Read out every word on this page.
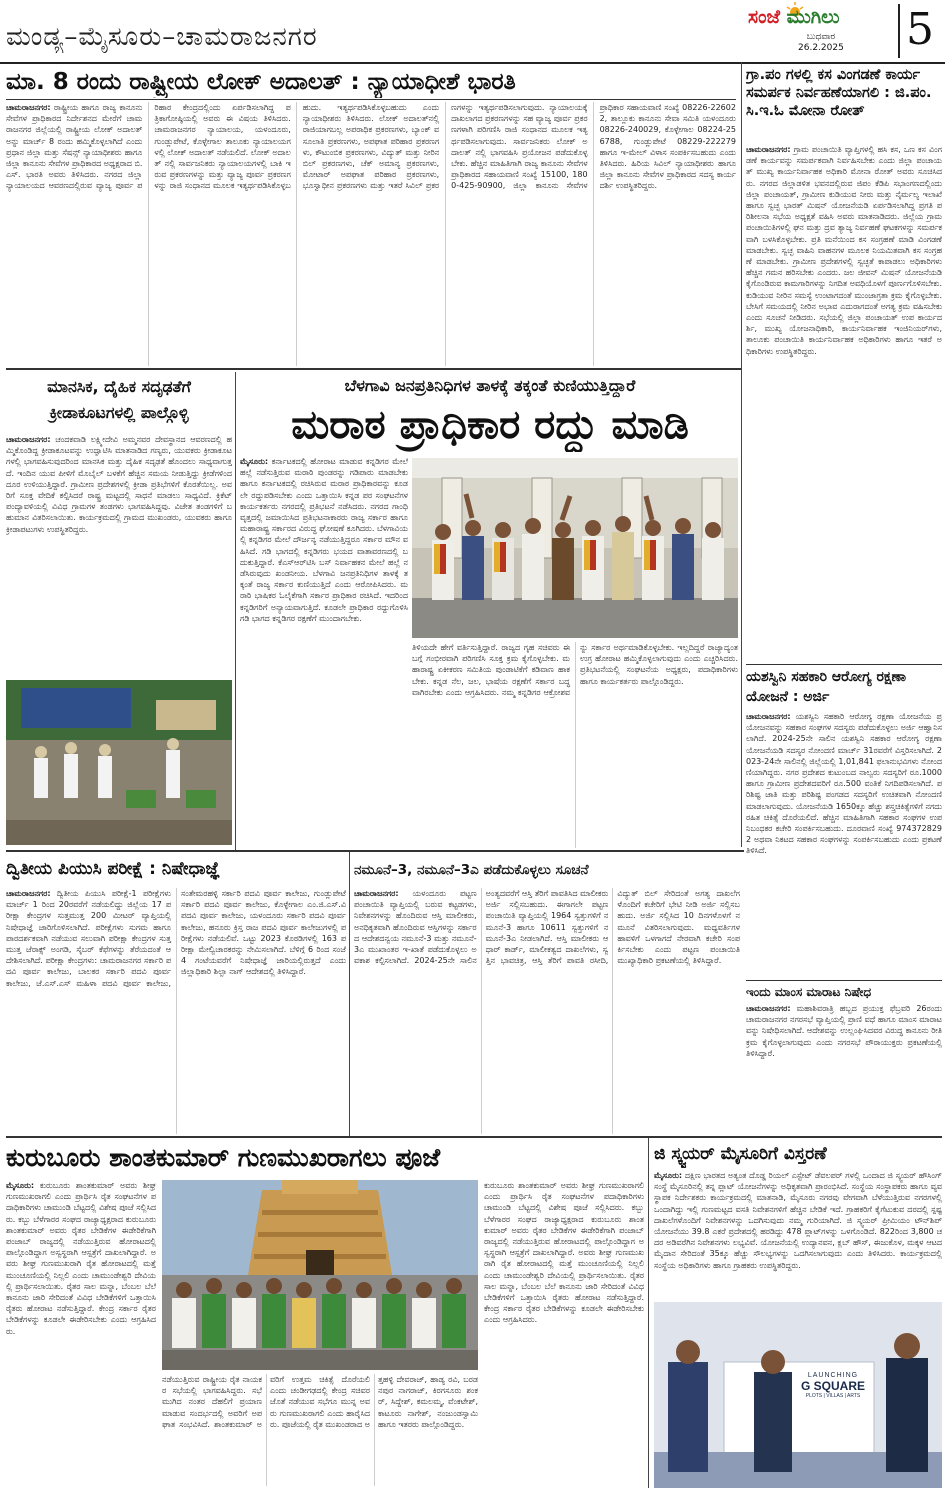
ಮಂಡ್ಯ–ಮೈಸೂರು–ಚಾಮರಾಜನಗರ
ಸಂಜೆ ಮುಗಿಲು
ಬುಧವಾರ
26.2.2025 5
ಮಾ. 8 ರಂದು ರಾಷ್ಟ್ರೀಯ ಲೋಕ್ ಅದಾಲತ್ : ನ್ಯಾಯಾಧೀಶೆ ಭಾರತಿ
ಚಾಮರಾಜನಗರ: ರಾಷ್ಟ್ರೀಯ ಹಾಗೂ ರಾಜ್ಯ ಕಾನೂನು ಸೇವೆಗಳ ಪ್ರಾಧಿಕಾರದ ನಿರ್ದೇಶನದ ಮೇರೆಗೆ ಚಾಮರಾಜನಗರ ಜಿಲ್ಲೆಯಲ್ಲಿ ರಾಷ್ಟ್ರೀಯ ಲೋಕ್ ಅದಾಲತ್ ಅನ್ನು ಮಾರ್ಚ್ 8 ರಂದು ಹಮ್ಮಿಕೊಳ್ಳಲಾಗಿದೆ ಎಂದು ಪ್ರಧಾನ ಜಿಲ್ಲಾ ಮತ್ತು ಸೆಷನ್ಸ್ ನ್ಯಾಯಾಧೀಶರು ಹಾಗೂ ಜಿಲ್ಲಾ ಕಾನೂನು ಸೇವೆಗಳ ಪ್ರಾಧಿಕಾರದ ಅಧ್ಯಕ್ಷರಾದ ಬಿ.ಎಸ್. ಭಾರತಿ ಅವರು ತಿಳಿಸಿದರು. ನಗರದ ಜಿಲ್ಲಾ ನ್ಯಾಯಾಲಯದ ಆವರಣದಲ್ಲಿರುವ ವ್ಯಾಜ್ಯ ಪೂರ್ವ ಪರಿಹಾರ ಕೇಂದ್ರದಲ್ಲಿಂದು ಏರ್ಪಡಿಸಲಾಗಿದ್ದ ಪತ್ರಿಕಾಗೋಷ್ಠಿಯಲ್ಲಿ ಅವರು ಈ ವಿಷಯ ತಿಳಿಸಿದರು. ಚಾಮರಾಜನಗರ ನ್ಯಾಯಾಲಯ, ಯಳಂದೂರು, ಗುಂಡ್ಲುಪೇಟೆ, ಕೊಳ್ಳೇಗಾಲ ತಾಲೂಕು ನ್ಯಾಯಾಲಯಗಳಲ್ಲಿ ಲೋಕ್ ಅದಾಲತ್ ನಡೆಯಲಿದೆ. ಲೋಕ್ ಅದಾಲತ್ ನಲ್ಲಿ ಸಾರ್ವಜನಿಕರು ನ್ಯಾಯಾಲಯಗಳಲ್ಲಿ ಬಾಕಿ ಇರುವ ಪ್ರಕರಣಗಳನ್ನು ಮತ್ತು ವ್ಯಾಜ್ಯ ಪೂರ್ವ ಪ್ರಕರಣಗಳನ್ನು ರಾಜಿ ಸಂಧಾನದ ಮೂಲಕ ಇತ್ಯರ್ಥಪಡಿಸಿಕೊಳ್ಳಬಹುದು. ಇತ್ಯರ್ಥಪಡಿಸಿಕೊಳ್ಳಬಹುದು ಎಂದು ನ್ಯಾಯಾಧೀಶರು ತಿಳಿಸಿದರು. ಲೋಕ್ ಅದಾಲತ್‌ನಲ್ಲಿ ರಾಜಿಯಾಗಬಲ್ಲ ಅಪರಾಧಿಕ ಪ್ರಕರಣಗಳು, ಬ್ಯಾಂಕ್ ವಸೂಲಾತಿ ಪ್ರಕರಣಗಳು, ಅಪಘಾತ ಪರಿಹಾರ ಪ್ರಕರಣಗಳು, ಕೌಟುಂಬಿಕ ಪ್ರಕರಣಗಳು, ವಿದ್ಯುತ್ ಮತ್ತು ನೀರಿನ ಬಿಲ್ ಪ್ರಕರಣಗಳು, ಚೆಕ್ ಅಮಾನ್ಯ ಪ್ರಕರಣಗಳು, ಮೋಟಾರ್ ಅಪಘಾತ ಪರಿಹಾರ ಪ್ರಕರಣಗಳು, ಭೂಸ್ವಾಧೀನ ಪ್ರಕರಣಗಳು ಮತ್ತು ಇತರೆ ಸಿವಿಲ್ ಪ್ರಕರಣಗಳನ್ನು ಇತ್ಯರ್ಥಪಡಿಸಲಾಗುವುದು. ನ್ಯಾಯಾಲಯಕ್ಕೆ ದಾಖಲಾಗದ ಪ್ರಕರಣಗಳನ್ನು ಸಹ ವ್ಯಾಜ್ಯ ಪೂರ್ವ ಪ್ರಕರಣಗಳಾಗಿ ಪರಿಗಣಿಸಿ ರಾಜಿ ಸಂಧಾನದ ಮೂಲಕ ಇತ್ಯರ್ಥಪಡಿಸಲಾಗುವುದು. ಸಾರ್ವಜನಿಕರು ಲೋಕ್ ಅದಾಲತ್ ನಲ್ಲಿ ಭಾಗವಹಿಸಿ ಪ್ರಯೋಜನ ಪಡೆದುಕೊಳ್ಳಬೇಕು. ಹೆಚ್ಚಿನ ಮಾಹಿತಿಗಾಗಿ ರಾಜ್ಯ ಕಾನೂನು ಸೇವೆಗಳ ಪ್ರಾಧಿಕಾರದ ಸಹಾಯವಾಣಿ ಸಂಖ್ಯೆ 15100, 1800-425-90900, ಜಿಲ್ಲಾ ಕಾನೂನು ಸೇವೆಗಳ ಪ್ರಾಧಿಕಾರ ಸಹಾಯವಾಣಿ ಸಂಖ್ಯೆ 08226-226022, ತಾಲ್ಲೂಕು ಕಾನೂನು ಸೇವಾ ಸಮಿತಿ ಯಳಂದೂರು 08226-240029, ಕೊಳ್ಳೇಗಾಲ 08224-256788, ಗುಂಡ್ಲುಪೇಟೆ 08229-222279 ಹಾಗೂ ಇ-ಮೇಲ್ ವಿಳಾಸ ಸಂಪರ್ಕಿಸಬಹುದು ಎಂದು ತಿಳಿಸಿದರು. ಹಿರಿಯ ಸಿವಿಲ್ ನ್ಯಾಯಾಧೀಶರು ಹಾಗೂ ಜಿಲ್ಲಾ ಕಾನೂನು ಸೇವೆಗಳ ಪ್ರಾಧಿಕಾರದ ಸದಸ್ಯ ಕಾರ್ಯದರ್ಶಿ ಉಪಸ್ಥಿತರಿದ್ದರು.
ಗ್ರಾ.ಪಂ ಗಳಲ್ಲಿ ಕಸ ವಿಂಗಡಣೆ ಕಾರ್ಯ ಸಮರ್ಪಕ ನಿರ್ವಹಣೆಯಾಗಲಿ : ಜಿ.ಪಂ. ಸಿ.ಇ.ಓ ಮೋನಾ ರೋತ್
ಚಾಮರಾಜನಗರ: ಗ್ರಾಮ ಪಂಚಾಯಿತಿ ವ್ಯಾಪ್ತಿಗಳಲ್ಲಿ ಹಸಿ ಕಸ, ಒಣ ಕಸ ವಿಂಗಡಣೆ ಕಾರ್ಯವನ್ನು ಸಮರ್ಪಕವಾಗಿ ನಿರ್ವಹಿಸಬೇಕು ಎಂದು ಜಿಲ್ಲಾ ಪಂಚಾಯತ್ ಮುಖ್ಯ ಕಾರ್ಯನಿರ್ವಾಹಕ ಅಧಿಕಾರಿ ಮೋನಾ ರೋತ್ ಅವರು ಸೂಚಿಸಿದರು. ನಗರದ ಜಿಲ್ಲಾಡಳಿತ ಭವನದಲ್ಲಿರುವ ಜಿಪಂ ಕೆಡಿಪಿ ಸಭಾಂಗಣದಲ್ಲಿಂದು ಜಿಲ್ಲಾ ಪಂಚಾಯತ್, ಗ್ರಾಮೀಣ ಕುಡಿಯುವ ನೀರು ಮತ್ತು ನೈರ್ಮಲ್ಯ ಇಲಾಖೆ ಹಾಗೂ ಸ್ವಚ್ಛ ಭಾರತ್ ಮಿಷನ್ ಯೋಜನೆಯಡಿ ಏರ್ಪಡಿಸಲಾಗಿದ್ದ ಪ್ರಗತಿ ಪರಿಶೀಲನಾ ಸಭೆಯ ಅಧ್ಯಕ್ಷತೆ ವಹಿಸಿ ಅವರು ಮಾತನಾಡಿದರು. ಜಿಲ್ಲೆಯ ಗ್ರಾಮ ಪಂಚಾಯಿತಿಗಳಲ್ಲಿ ಘನ ಮತ್ತು ದ್ರವ ತ್ಯಾಜ್ಯ ನಿರ್ವಹಣೆ ಘಟಕಗಳನ್ನು ಸಮರ್ಪಕವಾಗಿ ಬಳಸಿಕೊಳ್ಳಬೇಕು. ಪ್ರತಿ ಮನೆಯಿಂದ ಕಸ ಸಂಗ್ರಹಣೆ ಮಾಡಿ ವಿಂಗಡಣೆ ಮಾಡಬೇಕು. ಸ್ವಚ್ಛ ವಾಹಿನಿ ವಾಹನಗಳ ಮೂಲಕ ನಿಯಮಿತವಾಗಿ ಕಸ ಸಂಗ್ರಹಣೆ ಮಾಡಬೇಕು. ಗ್ರಾಮೀಣ ಪ್ರದೇಶಗಳಲ್ಲಿ ಸ್ವಚ್ಛತೆ ಕಾಪಾಡಲು ಅಧಿಕಾರಿಗಳು ಹೆಚ್ಚಿನ ಗಮನ ಹರಿಸಬೇಕು ಎಂದರು. ಜಲ ಜೀವನ್ ಮಿಷನ್ ಯೋಜನೆಯಡಿ ಕೈಗೊಂಡಿರುವ ಕಾಮಗಾರಿಗಳನ್ನು ನಿಗದಿತ ಅವಧಿಯೊಳಗೆ ಪೂರ್ಣಗೊಳಿಸಬೇಕು. ಕುಡಿಯುವ ನೀರಿನ ಸಮಸ್ಯೆ ಉಂಟಾಗದಂತೆ ಮುಂಜಾಗ್ರತಾ ಕ್ರಮ ಕೈಗೊಳ್ಳಬೇಕು. ಬೇಸಿಗೆ ಸಮಯದಲ್ಲಿ ನೀರಿನ ಅಭಾವ ಎದುರಾಗದಂತೆ ಅಗತ್ಯ ಕ್ರಮ ವಹಿಸಬೇಕು ಎಂದು ಸೂಚನೆ ನೀಡಿದರು. ಸಭೆಯಲ್ಲಿ ಜಿಲ್ಲಾ ಪಂಚಾಯತ್ ಉಪ ಕಾರ್ಯದರ್ಶಿ, ಮುಖ್ಯ ಯೋಜನಾಧಿಕಾರಿ, ಕಾರ್ಯನಿರ್ವಾಹಕ ಇಂಜಿನಿಯರ್‌ಗಳು, ತಾಲೂಕು ಪಂಚಾಯಿತಿ ಕಾರ್ಯನಿರ್ವಾಹಕ ಅಧಿಕಾರಿಗಳು ಹಾಗೂ ಇತರೆ ಅಧಿಕಾರಿಗಳು ಉಪಸ್ಥಿತರಿದ್ದರು.
ಯಶಸ್ವಿನಿ ಸಹಕಾರಿ ಆರೋಗ್ಯ ರಕ್ಷಣಾ ಯೋಜನೆ : ಅರ್ಜಿ
ಚಾಮರಾಜನಗರ: ಯಶಸ್ವಿನಿ ಸಹಕಾರಿ ಆರೋಗ್ಯ ರಕ್ಷಣಾ ಯೋಜನೆಯ ಪ್ರಯೋಜನವನ್ನು ಸಹಕಾರ ಸಂಘಗಳ ಸದಸ್ಯರು ಪಡೆದುಕೊಳ್ಳಲು ಅರ್ಜಿ ಆಹ್ವಾನಿಸಲಾಗಿದೆ. 2024-25ನೇ ಸಾಲಿನ ಯಶಸ್ವಿನಿ ಸಹಕಾರ ಆರೋಗ್ಯ ರಕ್ಷಣಾ ಯೋಜನೆಯಡಿ ಸದಸ್ಯರ ನೋಂದಣಿ ಮಾರ್ಚ್ 31ರವರೆಗೆ ವಿಸ್ತರಿಸಲಾಗಿದೆ. 2023-24ನೇ ಸಾಲಿನಲ್ಲಿ ಜಿಲ್ಲೆಯಲ್ಲಿ 1,01,841 ಫಲಾನುಭವಿಗಳು ನೋಂದಣಿಯಾಗಿದ್ದರು. ನಗರ ಪ್ರದೇಶದ ಕುಟುಂಬದ ನಾಲ್ವರು ಸದಸ್ಯರಿಗೆ ರೂ.1000 ಹಾಗೂ ಗ್ರಾಮೀಣ ಪ್ರದೇಶದವರಿಗೆ ರೂ.500 ವಂತಿಕೆ ನಿಗದಿಪಡಿಸಲಾಗಿದೆ. ಪರಿಶಿಷ್ಟ ಜಾತಿ ಮತ್ತು ಪರಿಶಿಷ್ಟ ಪಂಗಡದ ಸದಸ್ಯರಿಗೆ ಉಚಿತವಾಗಿ ನೋಂದಣಿ ಮಾಡಲಾಗುವುದು. ಯೋಜನೆಯಡಿ 1650ಕ್ಕೂ ಹೆಚ್ಚು ಶಸ್ತ್ರಚಿಕಿತ್ಸೆಗಳಿಗೆ ನಗದು ರಹಿತ ಚಿಕಿತ್ಸೆ ದೊರೆಯಲಿದೆ. ಹೆಚ್ಚಿನ ಮಾಹಿತಿಗಾಗಿ ಸಹಕಾರ ಸಂಘಗಳ ಉಪ ನಿಬಂಧಕರ ಕಚೇರಿ ಸಂಪರ್ಕಿಸಬಹುದು. ದೂರವಾಣಿ ಸಂಖ್ಯೆ 9743728292 ಅಥವಾ ನಿಕಟದ ಸಹಕಾರ ಸಂಘಗಳನ್ನು ಸಂಪರ್ಕಿಸಬಹುದು ಎಂದು ಪ್ರಕಟಣೆ ತಿಳಿಸಿದೆ.
ಇಂದು ಮಾಂಸ ಮಾರಾಟ ನಿಷೇಧ
ಚಾಮರಾಜನಗರ: ಮಹಾಶಿವರಾತ್ರಿ ಹಬ್ಬದ ಪ್ರಯುಕ್ತ ಫೆಬ್ರವರಿ 26ರಂದು ಚಾಮರಾಜನಗರ ನಗರಸಭೆ ವ್ಯಾಪ್ತಿಯಲ್ಲಿ ಪ್ರಾಣಿ ವಧೆ ಹಾಗೂ ಮಾಂಸ ಮಾರಾಟವನ್ನು ನಿಷೇಧಿಸಲಾಗಿದೆ. ಆದೇಶವನ್ನು ಉಲ್ಲಂಘಿಸಿದವರ ವಿರುದ್ಧ ಕಾನೂನು ರೀತಿ ಕ್ರಮ ಕೈಗೊಳ್ಳಲಾಗುವುದು ಎಂದು ನಗರಸಭೆ ಪೌರಾಯುಕ್ತರು ಪ್ರಕಟಣೆಯಲ್ಲಿ ತಿಳಿಸಿದ್ದಾರೆ.
ಮಾನಸಿಕ, ದೈಹಿಕ ಸದೃಢತೆಗೆ
ಕ್ರೀಡಾಕೂಟಗಳಲ್ಲಿ ಪಾಲ್ಗೊಳ್ಳಿ
ಚಾಮರಾಜನಗರ: ಚಂದಕವಾಡಿ ಲಕ್ಷ್ಮೀದೇವಿ ಅಮ್ಮನವರ ದೇವಸ್ಥಾನದ ಆವರಣದಲ್ಲಿ ಹಮ್ಮಿಕೊಂಡಿದ್ದ ಕ್ರೀಡಾಕೂಟವನ್ನು ಉದ್ಘಾಟಿಸಿ ಮಾತನಾಡಿದ ಗಣ್ಯರು, ಯುವಕರು ಕ್ರೀಡಾಕೂಟಗಳಲ್ಲಿ ಭಾಗವಹಿಸುವುದರಿಂದ ಮಾನಸಿಕ ಮತ್ತು ದೈಹಿಕ ಸದೃಢತೆ ಹೊಂದಲು ಸಾಧ್ಯವಾಗುತ್ತದೆ. ಇಂದಿನ ಯುವ ಪೀಳಿಗೆ ಮೊಬೈಲ್ ಬಳಕೆಗೆ ಹೆಚ್ಚಿನ ಸಮಯ ನೀಡುತ್ತಿದ್ದು ಕ್ರೀಡೆಗಳಿಂದ ದೂರ ಉಳಿಯುತ್ತಿದ್ದಾರೆ. ಗ್ರಾಮೀಣ ಪ್ರದೇಶಗಳಲ್ಲಿ ಕ್ರೀಡಾ ಪ್ರತಿಭೆಗಳಿಗೆ ಕೊರತೆಯಿಲ್ಲ. ಅವರಿಗೆ ಸೂಕ್ತ ವೇದಿಕೆ ಕಲ್ಪಿಸಿದರೆ ರಾಷ್ಟ್ರ ಮಟ್ಟದಲ್ಲಿ ಸಾಧನೆ ಮಾಡಲು ಸಾಧ್ಯವಿದೆ. ಕ್ರಿಕೆಟ್ ಪಂದ್ಯಾವಳಿಯಲ್ಲಿ ವಿವಿಧ ಗ್ರಾಮಗಳ ತಂಡಗಳು ಭಾಗವಹಿಸಿದ್ದವು. ವಿಜೇತ ತಂಡಗಳಿಗೆ ಬಹುಮಾನ ವಿತರಿಸಲಾಯಿತು. ಕಾರ್ಯಕ್ರಮದಲ್ಲಿ ಗ್ರಾಮದ ಮುಖಂಡರು, ಯುವಕರು ಹಾಗೂ ಕ್ರೀಡಾಪಟುಗಳು ಉಪಸ್ಥಿತರಿದ್ದರು.
ಬೆಳಗಾವಿ ಜನಪ್ರತಿನಿಧಿಗಳ ತಾಳಕ್ಕೆ ತಕ್ಕಂತೆ ಕುಣಿಯುತ್ತಿದ್ದಾರೆ
ಮರಾಠ ಪ್ರಾಧಿಕಾರ ರದ್ದು ಮಾಡಿ
ಮೈಸೂರು: ಕರ್ನಾಟಕದಲ್ಲಿ ಹೋರಾಟ ಮಾಡುವ ಕನ್ನಡಿಗರ ಮೇಲೆ ಹಲ್ಲೆ ನಡೆಸುತ್ತಿರುವ ಮರಾಠಿ ಪುಂಡರನ್ನು ಗಡಿಪಾರು ಮಾಡಬೇಕು ಹಾಗೂ ಕರ್ನಾಟಕದಲ್ಲಿ ರಚಿಸಿರುವ ಮರಾಠ ಪ್ರಾಧಿಕಾರವನ್ನು ಕೂಡಲೇ ರದ್ದುಪಡಿಸಬೇಕು ಎಂದು ಒತ್ತಾಯಿಸಿ ಕನ್ನಡ ಪರ ಸಂಘಟನೆಗಳ ಕಾರ್ಯಕರ್ತರು ನಗರದಲ್ಲಿ ಪ್ರತಿಭಟನೆ ನಡೆಸಿದರು. ನಗರದ ಗಾಂಧಿ ವೃತ್ತದಲ್ಲಿ ಜಮಾಯಿಸಿದ ಪ್ರತಿಭಟನಾಕಾರರು ರಾಜ್ಯ ಸರ್ಕಾರ ಹಾಗೂ ಮಹಾರಾಷ್ಟ್ರ ಸರ್ಕಾರದ ವಿರುದ್ಧ ಘೋಷಣೆ ಕೂಗಿದರು. ಬೆಳಗಾವಿಯಲ್ಲಿ ಕನ್ನಡಿಗರ ಮೇಲೆ ದೌರ್ಜನ್ಯ ನಡೆಯುತ್ತಿದ್ದರೂ ಸರ್ಕಾರ ಮೌನ ವಹಿಸಿದೆ. ಗಡಿ ಭಾಗದಲ್ಲಿ ಕನ್ನಡಿಗರು ಭಯದ ವಾತಾವರಣದಲ್ಲಿ ಬದುಕುತ್ತಿದ್ದಾರೆ. ಕೆಎಸ್ಆರ್‌ಟಿಸಿ ಬಸ್ ನಿರ್ವಾಹಕನ ಮೇಲೆ ಹಲ್ಲೆ ನಡೆಸಿರುವುದು ಖಂಡನೀಯ. ಬೆಳಗಾವಿ ಜನಪ್ರತಿನಿಧಿಗಳ ತಾಳಕ್ಕೆ ತಕ್ಕಂತೆ ರಾಜ್ಯ ಸರ್ಕಾರ ಕುಣಿಯುತ್ತಿದೆ ಎಂದು ಆರೋಪಿಸಿದರು. ಮರಾಠಿ ಭಾಷಿಕರ ಓಲೈಕೆಗಾಗಿ ಸರ್ಕಾರ ಪ್ರಾಧಿಕಾರ ರಚಿಸಿದೆ. ಇದರಿಂದ ಕನ್ನಡಿಗರಿಗೆ ಅನ್ಯಾಯವಾಗುತ್ತಿದೆ. ಕೂಡಲೇ ಪ್ರಾಧಿಕಾರ ರದ್ದುಗೊಳಿಸಿ ಗಡಿ ಭಾಗದ ಕನ್ನಡಿಗರ ರಕ್ಷಣೆಗೆ ಮುಂದಾಗಬೇಕು.
ತಿಳಿಯದೇ ಹೇಗೆ ವರ್ತಿಸುತ್ತಿದ್ದಾರೆ. ರಾಜ್ಯದ ಗೃಹ ಸಚಿವರು ಈ ಬಗ್ಗೆ ಗಂಭೀರವಾಗಿ ಪರಿಗಣಿಸಿ ಸೂಕ್ತ ಕ್ರಮ ಕೈಗೊಳ್ಳಬೇಕು. ಮಹಾರಾಷ್ಟ್ರ ಏಕೀಕರಣ ಸಮಿತಿಯ ಪುಂಡಾಟಿಕೆಗೆ ಕಡಿವಾಣ ಹಾಕಬೇಕು. ಕನ್ನಡ ನೆಲ, ಜಲ, ಭಾಷೆಯ ರಕ್ಷಣೆಗೆ ಸರ್ಕಾರ ಬದ್ಧವಾಗಿರಬೇಕು ಎಂದು ಆಗ್ರಹಿಸಿದರು. ನಮ್ಮ ಕನ್ನಡಿಗರ ಆಕ್ರೋಶವನ್ನು ಸರ್ಕಾರ ಅರ್ಥಮಾಡಿಕೊಳ್ಳಬೇಕು. ಇಲ್ಲದಿದ್ದರೆ ರಾಜ್ಯಾದ್ಯಂತ ಉಗ್ರ ಹೋರಾಟ ಹಮ್ಮಿಕೊಳ್ಳಲಾಗುವುದು ಎಂದು ಎಚ್ಚರಿಸಿದರು. ಪ್ರತಿಭಟನೆಯಲ್ಲಿ ಸಂಘಟನೆಯ ಅಧ್ಯಕ್ಷರು, ಪದಾಧಿಕಾರಿಗಳು ಹಾಗೂ ಕಾರ್ಯಕರ್ತರು ಪಾಲ್ಗೊಂಡಿದ್ದರು.
ದ್ವಿತೀಯ ಪಿಯುಸಿ ಪರೀಕ್ಷೆ : ನಿಷೇಧಾಜ್ಞೆ
ಚಾಮರಾಜನಗರ: ದ್ವಿತೀಯ ಪಿಯುಸಿ ಪರೀಕ್ಷೆ-1 ಪರೀಕ್ಷೆಗಳು ಮಾರ್ಚ್ 1 ರಿಂದ 20ರವರೆಗೆ ನಡೆಯಲಿದ್ದು ಜಿಲ್ಲೆಯ 17 ಪರೀಕ್ಷಾ ಕೇಂದ್ರಗಳ ಸುತ್ತಮುತ್ತ 200 ಮೀಟರ್ ವ್ಯಾಪ್ತಿಯಲ್ಲಿ ನಿಷೇಧಾಜ್ಞೆ ಜಾರಿಗೊಳಿಸಲಾಗಿದೆ. ಪರೀಕ್ಷೆಗಳು ಸುಗಮ ಹಾಗೂ ಪಾರದರ್ಶಕವಾಗಿ ನಡೆಯುವ ಸಲುವಾಗಿ ಪರೀಕ್ಷಾ ಕೇಂದ್ರಗಳ ಸುತ್ತಮುತ್ತ ಜೆರಾಕ್ಸ್ ಅಂಗಡಿ, ಸೈಬರ್ ಕೆಫೆಗಳನ್ನು ತೆರೆಯದಂತೆ ಆದೇಶಿಸಲಾಗಿದೆ. ಪರೀಕ್ಷಾ ಕೇಂದ್ರಗಳು: ಚಾಮರಾಜನಗರ ಸರ್ಕಾರಿ ಪದವಿ ಪೂರ್ವ ಕಾಲೇಜು, ಬಾಲಕರ ಸರ್ಕಾರಿ ಪದವಿ ಪೂರ್ವ ಕಾಲೇಜು, ಜೆ.ಎಸ್.ಎಸ್ ಮಹಿಳಾ ಪದವಿ ಪೂರ್ವ ಕಾಲೇಜು, ಸಂತೇಮರಹಳ್ಳಿ ಸರ್ಕಾರಿ ಪದವಿ ಪೂರ್ವ ಕಾಲೇಜು, ಗುಂಡ್ಲುಪೇಟೆ ಸರ್ಕಾರಿ ಪದವಿ ಪೂರ್ವ ಕಾಲೇಜು, ಕೊಳ್ಳೇಗಾಲ ಎಂ.ಜಿ.ಎಸ್.ವಿ ಪದವಿ ಪೂರ್ವ ಕಾಲೇಜು, ಯಳಂದೂರು ಸರ್ಕಾರಿ ಪದವಿ ಪೂರ್ವ ಕಾಲೇಜು, ಹನೂರು ಕ್ರಿಸ್ತ ರಾಜ ಪದವಿ ಪೂರ್ವ ಕಾಲೇಜುಗಳಲ್ಲಿ ಪರೀಕ್ಷೆಗಳು ನಡೆಯಲಿವೆ. ಒಟ್ಟು 2023 ಕೊಠಡಿಗಳಲ್ಲಿ 163 ಪರೀಕ್ಷಾ ಮೇಲ್ವಿಚಾರಕರನ್ನು ನೇಮಿಸಲಾಗಿದೆ. ಬೆಳಿಗ್ಗೆ 6 ರಿಂದ ಸಂಜೆ 4 ಗಂಟೆಯವರೆಗೆ ನಿಷೇಧಾಜ್ಞೆ ಜಾರಿಯಲ್ಲಿರುತ್ತದೆ ಎಂದು ಜಿಲ್ಲಾಧಿಕಾರಿ ಶಿಲ್ಪಾ ನಾಗ್ ಆದೇಶದಲ್ಲಿ ತಿಳಿಸಿದ್ದಾರೆ.
ನಮೂನೆ–3, ನಮೂನೆ–3ಎ ಪಡೆದುಕೊಳ್ಳಲು ಸೂಚನೆ
ಚಾಮರಾಜನಗರ: ಯಳಂದೂರು ಪಟ್ಟಣ ಪಂಚಾಯಿತಿ ವ್ಯಾಪ್ತಿಯಲ್ಲಿ ಬರುವ ಕಟ್ಟಡಗಳು, ನಿವೇಶನಗಳನ್ನು ಹೊಂದಿರುವ ಆಸ್ತಿ ಮಾಲೀಕರು, ಅನಧಿಕೃತವಾಗಿ ಹೊಂದಿರುವ ಆಸ್ತಿಗಳನ್ನು ಸರ್ಕಾರದ ಆದೇಶದನ್ವಯ ನಮೂನೆ-3 ಮತ್ತು ನಮೂನೆ-3ಎ ಮುಖಾಂತರ ಇ-ಖಾತೆ ಪಡೆದುಕೊಳ್ಳಲು ಅವಕಾಶ ಕಲ್ಪಿಸಲಾಗಿದೆ. 2024-25ನೇ ಸಾಲಿನ ಅಂತ್ಯದವರೆಗೆ ಆಸ್ತಿ ತೆರಿಗೆ ಪಾವತಿಸಿದ ಮಾಲೀಕರು ಅರ್ಜಿ ಸಲ್ಲಿಸಬಹುದು. ಈಗಾಗಲೇ ಪಟ್ಟಣ ಪಂಚಾಯಿತಿ ವ್ಯಾಪ್ತಿಯಲ್ಲಿ 1964 ಸ್ವತ್ತುಗಳಿಗೆ ನಮೂನೆ-3 ಹಾಗೂ 10611 ಸ್ವತ್ತುಗಳಿಗೆ ನಮೂನೆ-3ಎ ನೀಡಲಾಗಿದೆ. ಆಸ್ತಿ ಮಾಲೀಕರು ಆಧಾರ್ ಕಾರ್ಡ್, ಮಾಲೀಕತ್ವದ ದಾಖಲೆಗಳು, ಸ್ವತ್ತಿನ ಭಾವಚಿತ್ರ, ಆಸ್ತಿ ತೆರಿಗೆ ಪಾವತಿ ರಸೀದಿ, ವಿದ್ಯುತ್ ಬಿಲ್ ಸೇರಿದಂತೆ ಅಗತ್ಯ ದಾಖಲೆಗಳೊಂದಿಗೆ ಕಚೇರಿಗೆ ಭೇಟಿ ನೀಡಿ ಅರ್ಜಿ ಸಲ್ಲಿಸಬಹುದು. ಅರ್ಜಿ ಸಲ್ಲಿಸಿದ 10 ದಿನಗಳೊಳಗೆ ನಮೂನೆ ವಿತರಿಸಲಾಗುವುದು. ಮಧ್ಯವರ್ತಿಗಳ ಹಾವಳಿಗೆ ಒಳಗಾಗದೆ ನೇರವಾಗಿ ಕಚೇರಿ ಸಂಪರ್ಕಿಸಬೇಕು ಎಂದು ಪಟ್ಟಣ ಪಂಚಾಯಿತಿ ಮುಖ್ಯಾಧಿಕಾರಿ ಪ್ರಕಟಣೆಯಲ್ಲಿ ತಿಳಿಸಿದ್ದಾರೆ.
ಕುರುಬೂರು ಶಾಂತಕುಮಾರ್ ಗುಣಮುಖರಾಗಲು ಪೂಜೆ
ಮೈಸೂರು: ಕುರುಬೂರು ಶಾಂತಕುಮಾರ್ ಅವರು ಶೀಘ್ರ ಗುಣಮುಖರಾಗಲಿ ಎಂದು ಪ್ರಾರ್ಥಿಸಿ ರೈತ ಸಂಘಟನೆಗಳ ಪದಾಧಿಕಾರಿಗಳು ಚಾಮುಂಡಿ ಬೆಟ್ಟದಲ್ಲಿ ವಿಶೇಷ ಪೂಜೆ ಸಲ್ಲಿಸಿದರು. ಕಬ್ಬು ಬೆಳೆಗಾರರ ಸಂಘದ ರಾಜ್ಯಾಧ್ಯಕ್ಷರಾದ ಕುರುಬೂರು ಶಾಂತಕುಮಾರ್ ಅವರು ರೈತರ ಬೇಡಿಕೆಗಳ ಈಡೇರಿಕೆಗಾಗಿ ಪಂಜಾಬ್ ರಾಜ್ಯದಲ್ಲಿ ನಡೆಯುತ್ತಿರುವ ಹೋರಾಟದಲ್ಲಿ ಪಾಲ್ಗೊಂಡಿದ್ದಾಗ ಅಸ್ವಸ್ಥರಾಗಿ ಆಸ್ಪತ್ರೆಗೆ ದಾಖಲಾಗಿದ್ದಾರೆ. ಅವರು ಶೀಘ್ರ ಗುಣಮುಖರಾಗಿ ರೈತ ಹೋರಾಟದಲ್ಲಿ ಮತ್ತೆ ಮುಂಚೂಣಿಯಲ್ಲಿ ನಿಲ್ಲಲಿ ಎಂದು ಚಾಮುಂಡೇಶ್ವರಿ ದೇವಿಯಲ್ಲಿ ಪ್ರಾರ್ಥಿಸಲಾಯಿತು. ರೈತರ ಸಾಲ ಮನ್ನಾ, ಬೆಂಬಲ ಬೆಲೆ ಕಾನೂನು ಜಾರಿ ಸೇರಿದಂತೆ ವಿವಿಧ ಬೇಡಿಕೆಗಳಿಗೆ ಒತ್ತಾಯಿಸಿ ರೈತರು ಹೋರಾಟ ನಡೆಸುತ್ತಿದ್ದಾರೆ. ಕೇಂದ್ರ ಸರ್ಕಾರ ರೈತರ ಬೇಡಿಕೆಗಳನ್ನು ಕೂಡಲೇ ಈಡೇರಿಸಬೇಕು ಎಂದು ಆಗ್ರಹಿಸಿದರು.
ನಡೆಯುತ್ತಿರುವ ರಾಷ್ಟ್ರೀಯ ರೈತ ನಾಯಕರ ಸಭೆಯಲ್ಲಿ ಭಾಗವಹಿಸಿದ್ದರು. ಸಭೆ ಮುಗಿದ ನಂತರ ದೆಹಲಿಗೆ ಪ್ರಯಾಣ ಮಾಡುವ ಸಂದರ್ಭದಲ್ಲಿ ಅವರಿಗೆ ಅಪಘಾತ ಸಂಭವಿಸಿದೆ. ಶಾಂತಕುಮಾರ್ ಅವರಿಗೆ ಉತ್ತಮ ಚಿಕಿತ್ಸೆ ದೊರೆಯಲಿ ಎಂದು ಚಂಡೀಗಢದಲ್ಲಿ ಕೇಂದ್ರ ಸಚಿವರ ಜೊತೆ ನಡೆಯುವ ಸಭೆಗೂ ಮುನ್ನ ಅವರು ಗುಣಮುಖರಾಗಲಿ ಎಂದು ಹಾರೈಸಿದರು. ಪೂಜೆಯಲ್ಲಿ ರೈತ ಮುಖಂಡರಾದ ಅತ್ತಹಳ್ಳಿ ದೇವರಾಜ್, ಹಾಡ್ಯ ರವಿ, ಬರಡನಪುರ ನಾಗರಾಜ್, ಕಿರಗಸೂರು ಶಂಕರ್, ಸಿದ್ದೇಶ್, ಕಮಲಮ್ಮ, ವೆಂಕಟೇಶ್, ಕಾಟೂರು ನಾಗೇಶ್, ನಂಜುಂಡಸ್ವಾಮಿ ಹಾಗೂ ಇತರರು ಪಾಲ್ಗೊಂಡಿದ್ದರು.
ಕುರುಬೂರು ಶಾಂತಕುಮಾರ್ ಅವರು ಶೀಘ್ರ ಗುಣಮುಖರಾಗಲಿ ಎಂದು ಪ್ರಾರ್ಥಿಸಿ ರೈತ ಸಂಘಟನೆಗಳ ಪದಾಧಿಕಾರಿಗಳು ಚಾಮುಂಡಿ ಬೆಟ್ಟದಲ್ಲಿ ವಿಶೇಷ ಪೂಜೆ ಸಲ್ಲಿಸಿದರು. ಕಬ್ಬು ಬೆಳೆಗಾರರ ಸಂಘದ ರಾಜ್ಯಾಧ್ಯಕ್ಷರಾದ ಕುರುಬೂರು ಶಾಂತಕುಮಾರ್ ಅವರು ರೈತರ ಬೇಡಿಕೆಗಳ ಈಡೇರಿಕೆಗಾಗಿ ಪಂಜಾಬ್ ರಾಜ್ಯದಲ್ಲಿ ನಡೆಯುತ್ತಿರುವ ಹೋರಾಟದಲ್ಲಿ ಪಾಲ್ಗೊಂಡಿದ್ದಾಗ ಅಸ್ವಸ್ಥರಾಗಿ ಆಸ್ಪತ್ರೆಗೆ ದಾಖಲಾಗಿದ್ದಾರೆ. ಅವರು ಶೀಘ್ರ ಗುಣಮುಖರಾಗಿ ರೈತ ಹೋರಾಟದಲ್ಲಿ ಮತ್ತೆ ಮುಂಚೂಣಿಯಲ್ಲಿ ನಿಲ್ಲಲಿ ಎಂದು ಚಾಮುಂಡೇಶ್ವರಿ ದೇವಿಯಲ್ಲಿ ಪ್ರಾರ್ಥಿಸಲಾಯಿತು. ರೈತರ ಸಾಲ ಮನ್ನಾ, ಬೆಂಬಲ ಬೆಲೆ ಕಾನೂನು ಜಾರಿ ಸೇರಿದಂತೆ ವಿವಿಧ ಬೇಡಿಕೆಗಳಿಗೆ ಒತ್ತಾಯಿಸಿ ರೈತರು ಹೋರಾಟ ನಡೆಸುತ್ತಿದ್ದಾರೆ. ಕೇಂದ್ರ ಸರ್ಕಾರ ರೈತರ ಬೇಡಿಕೆಗಳನ್ನು ಕೂಡಲೇ ಈಡೇರಿಸಬೇಕು ಎಂದು ಆಗ್ರಹಿಸಿದರು.
ಜಿ ಸ್ಕ್ವಯರ್ ಮೈಸೂರಿಗೆ ವಿಸ್ತರಣೆ
ಮೈಸೂರು: ದಕ್ಷಿಣ ಭಾರತದ ಅತ್ಯಂತ ದೊಡ್ಡ ರಿಯಲ್ ಎಸ್ಟೇಟ್ ಡೆವಲಪರ್ ಗಳಲ್ಲಿ ಒಂದಾದ ಜಿ ಸ್ಕ್ವಯರ್ ಹೌಸಿಂಗ್ ಸಂಸ್ಥೆ ಮೈಸೂರಿನಲ್ಲಿ ತನ್ನ ಪ್ಲಾಟ್ ಯೋಜನೆಗಳನ್ನು ಅಧಿಕೃತವಾಗಿ ಪ್ರಾರಂಭಿಸಿದೆ. ಸಂಸ್ಥೆಯ ಸಂಸ್ಥಾಪಕರು ಹಾಗೂ ವ್ಯವಸ್ಥಾಪಕ ನಿರ್ದೇಶಕರು ಕಾರ್ಯಕ್ರಮದಲ್ಲಿ ಮಾತನಾಡಿ, ಮೈಸೂರು ನಗರವು ವೇಗವಾಗಿ ಬೆಳೆಯುತ್ತಿರುವ ನಗರಗಳಲ್ಲಿ ಒಂದಾಗಿದ್ದು ಇಲ್ಲಿ ಗುಣಮಟ್ಟದ ವಸತಿ ನಿವೇಶನಗಳಿಗೆ ಹೆಚ್ಚಿನ ಬೇಡಿಕೆ ಇದೆ. ಗ್ರಾಹಕರಿಗೆ ಕೈಗೆಟುಕುವ ದರದಲ್ಲಿ ಸ್ಪಷ್ಟ ದಾಖಲೆಗಳೊಂದಿಗೆ ನಿವೇಶನಗಳನ್ನು ಒದಗಿಸುವುದು ನಮ್ಮ ಗುರಿಯಾಗಿದೆ. ಜಿ ಸ್ಕ್ವಯರ್ ಪ್ರೀಮಿಯಂ ಟೌನ್‌ಶಿಪ್ ಯೋಜನೆಯು 39.8 ಎಕರೆ ಪ್ರದೇಶದಲ್ಲಿ ಹರಡಿದ್ದು 478 ಪ್ಲಾಟ್‌ಗಳನ್ನು ಒಳಗೊಂಡಿದೆ. 822ರಿಂದ 3,800 ಚದರ ಅಡಿವರೆಗಿನ ನಿವೇಶನಗಳು ಲಭ್ಯವಿವೆ. ಯೋಜನೆಯಲ್ಲಿ ಉದ್ಯಾನವನ, ಕ್ಲಬ್ ಹೌಸ್, ಈಜುಕೊಳ, ಮಕ್ಕಳ ಆಟದ ಮೈದಾನ ಸೇರಿದಂತೆ 35ಕ್ಕೂ ಹೆಚ್ಚು ಸೌಲಭ್ಯಗಳನ್ನು ಒದಗಿಸಲಾಗುವುದು ಎಂದು ತಿಳಿಸಿದರು. ಕಾರ್ಯಕ್ರಮದಲ್ಲಿ ಸಂಸ್ಥೆಯ ಅಧಿಕಾರಿಗಳು ಹಾಗೂ ಗ್ರಾಹಕರು ಉಪಸ್ಥಿತರಿದ್ದರು.
LAUNCHING
G SQUARE
PLOTS | VILLAS | ARTS
